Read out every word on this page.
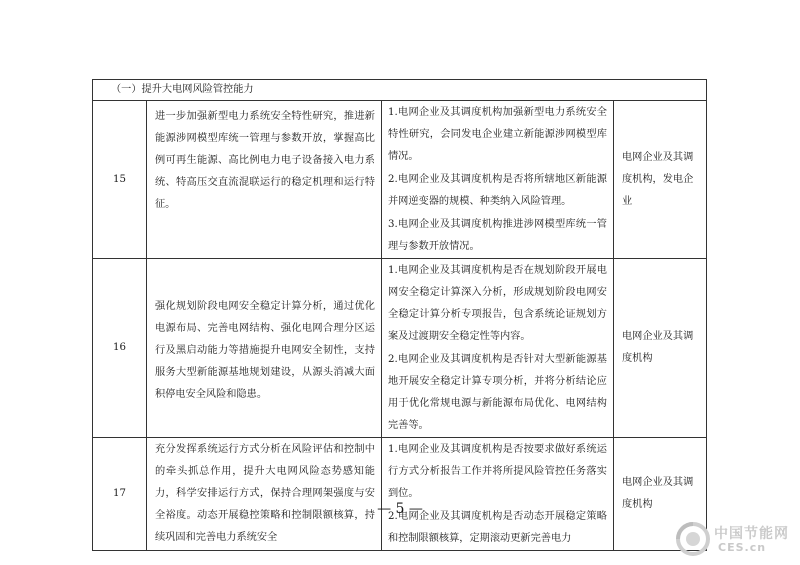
（一）提升大电网风险管控能力			
15	进一步加强新型电力系统安全特性研究，推进新能源涉网模型库统一管理与参数开放，掌握高比例可再生能源、高比例电力电子设备接入电力系统、特高压交直流混联运行的稳定机理和运行特征。	1.电网企业及其调度机构加强新型电力系统安全特性研究，会同发电企业建立新能源涉网模型库情况。
2.电网企业及其调度机构是否将所辖地区新能源并网逆变器的规模、种类纳入风险管理。
3.电网企业及其调度机构推进涉网模型库统一管理与参数开放情况。	电网企业及其调度机构，发电企业

16	强化规划阶段电网安全稳定计算分析，通过优化电源布局、完善电网结构、强化电网合理分区运行及黑启动能力等措施提升电网安全韧性，支持服务大型新能源基地规划建设，从源头消减大面积停电安全风险和隐患。	1.电网企业及其调度机构是否在规划阶段开展电网安全稳定计算深入分析，形成规划阶段电网安全稳定计算分析专项报告，包含系统论证规划方案及过渡期安全稳定性等内容。
2.电网企业及其调度机构是否针对大型新能源基地开展安全稳定计算专项分析，并将分析结论应用于优化常规电源与新能源布局优化、电网结构完善等。	电网企业及其调度机构

17	充分发挥系统运行方式分析在风险评估和控制中的牵头抓总作用，提升大电网风险态势感知能力，科学安排运行方式，保持合理网架强度与安全裕度。动态开展稳控策略和控制限额核算，持续巩固和完善电力系统安全	1.电网企业及其调度机构是否按要求做好系统运行方式分析报告工作并将所提风险管控任务落实到位。
2.电网企业及其调度机构是否动态开展稳定策略和控制限额核算，定期滚动更新完善电力	电网企业及其调度机构
— 5 —
中国节能网
CES.cn
